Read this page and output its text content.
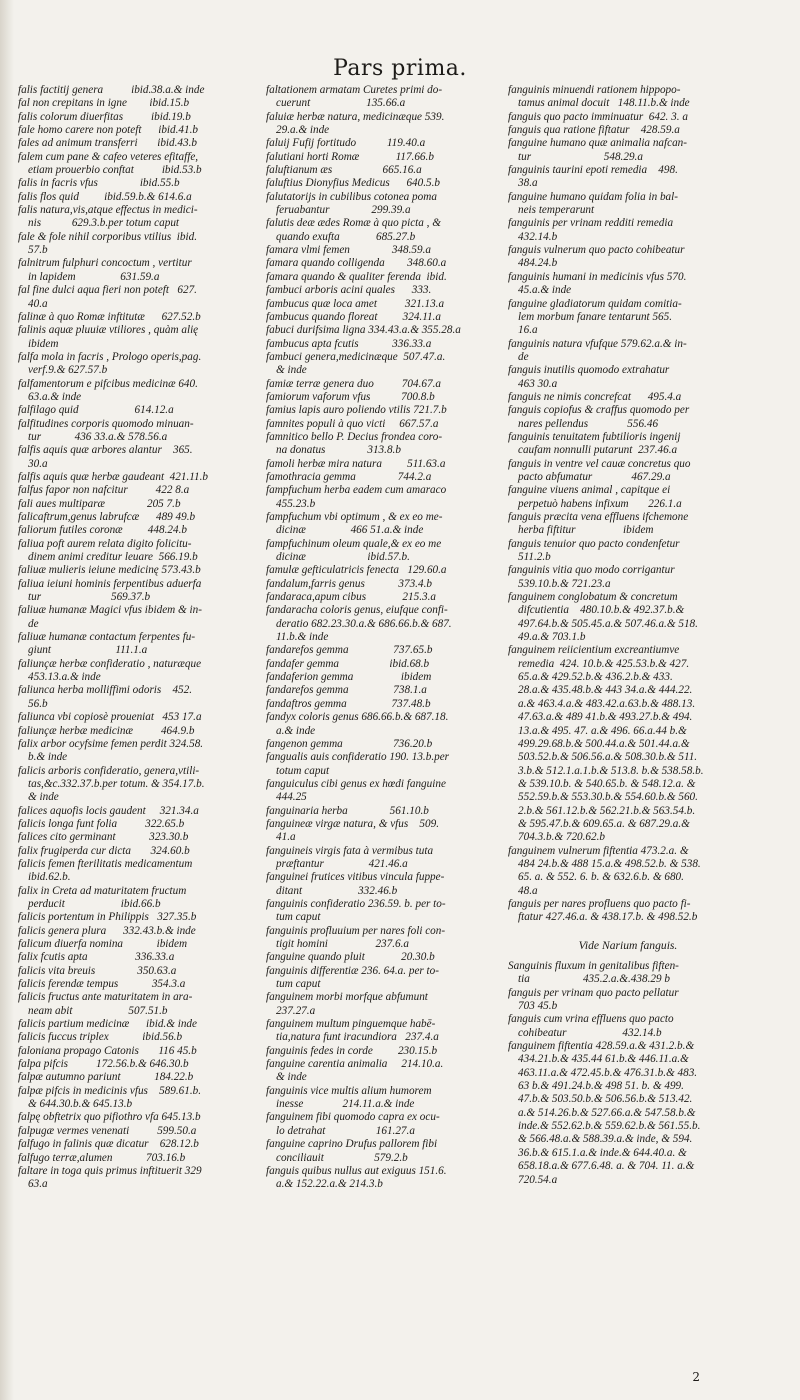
Pars prima.
falis factitij genera          ibid.38.a.& inde
fal non crepitans in igne        ibid.15.b
falis colorum diuerfitas          ibid.19.b
fale homo carere non poteft      ibid.41.b
fales ad animum transferri       ibid.43.b
falem cum pane & cafeo veteres efitaffe,
etiam prouerbio conftat          ibid.53.b
falis in facris vfus               ibid.55.b
falis flos quid         ibid.59.b.& 614.6.a
falis natura,vis,atque effectus in medici-
nis           629.3.b.per totum caput
fale & fole nihil corporibus vtilius  ibid.
57.b
falnitrum fulphuri concoctum , vertitur
in lapidem                631.59.a
fal fine dulci aqua fieri non poteft   627.
40.a
falinæ à quo Romæ inftitutæ      627.52.b
falinis aquæ pluuiæ vtiliores , quàm alię
ibidem
falfa mola in facris , Prologo operis,pag.
verf.9.& 627.57.b
falfamentorum e pifcibus medicinæ 640.
63.a.& inde
falfilago quid                    614.12.a
falfitudines corporis quomodo minuan-
tur            436 33.a.& 578.56.a
falfis aquis quæ arbores alantur    365.
30.a
falfis aquis quæ herbæ gaudeant  421.11.b
falfus fapor non nafcitur          422 8.a
fali aues multiparæ               205 7.b
falicaftrum,genus labrufcæ      489 49.b
faliorum futiles coronæ         448.24.b
faliua poft aurem relata digito folicitu-
dinem animi creditur leuare  566.19.b
faliuæ mulieris ieiune medicinę 573.43.b
faliua ieiuni hominis ferpentibus aduerfa
tur                         569.37.b
faliuæ humanæ Magici vfus ibidem & in-
de
faliuæ humanæ contactum ferpentes fu-
giunt                       111.1.a
faliunçæ herbæ confideratio , naturæque
453.13.a.& inde
faliunca herba molliffimi odoris    452.
56.b
faliunca vbi copiosè proueniat   453 17.a
faliunçæ herbæ medicinæ          464.9.b
falix arbor ocyfsime femen perdit 324.58.
b.& inde
falicis arboris confideratio, genera,vtili-
tas,&c.332.37.b.per totum. & 354.17.b.
& inde
falices aquofis locis gaudent     321.34.a
falicis longa funt folia          322.65.b
falices cito germinant            323.30.b
falix frugiperda cur dicta       324.60.b
falicis femen fterilitatis medicamentum
ibid.62.b.
falix in Creta ad maturitatem fructum
perducit                    ibid.66.b
falicis portentum in Philippis   327.35.b
falicis genera plura      332.43.b.& inde
falicum diuerfa nomina            ibidem
falix fcutis apta                 336.33.a
falicis vita breuis               350.63.a
falicis ferendæ tempus            354.3.a
falicis fructus ante maturitatem in ara-
neam abit                    507.51.b
falicis partium medicinæ      ibid.& inde
falicis fuccus triplex            ibid.56.b
faloniana propago Catonis       116 45.b
falpa pifcis          172.56.b.& 646.30.b
falpæ autumno pariunt            184.22.b
falpæ pifcis in medicinis vfus    589.61.b.
& 644.30.b.& 645.13.b
falpę obftetrix quo pifiothro vfa 645.13.b
falpugæ vermes venenati          599.50.a
falfugo in falinis quæ dicatur    628.12.b
falfugo terræ,alumen            703.16.b
faltare in toga quis primus inftituerit 329
63.a
faltationem armatam Curetes primi do-
cuerunt                    135.66.a
faluiæ herbæ natura, medicinæque 539.
29.a.& inde
faluij Fufij fortitudo           119.40.a
falutiani horti Romæ             117.66.b
faluftianum æs                  665.16.a
faluftius Dionyfius Medicus      640.5.b
falutatorijs in cubilibus cotonea poma
feruabantur               299.39.a
falutis deæ ædes Romæ à quo picta , &
quando exufta             685.27.b
famara vlmi femen               348.59.a
famara quando colligenda        348.60.a
famara quando & qualiter ferenda  ibid.
fambuci arboris acini quales      333.
fambucus quæ loca amet          321.13.a
fambucus quando floreat         324.11.a
fabuci durifsima ligna 334.43.a.& 355.28.a
fambucus apta fcutis            336.33.a
fambuci genera,medicinæque  507.47.a.
& inde
famiæ terræ genera duo          704.67.a
famiorum vaforum vfus           700.8.b
famius lapis auro poliendo vtilis 721.7.b
famnites populi à quo victi     667.57.a
famnitico bello P. Decius frondea coro-
na donatus               313.8.b
famoli herbæ mira natura         511.63.a
famothracia gemma               744.2.a
fampfuchum herba eadem cum amaraco
455.23.b
fampfuchum vbi optimum , & ex eo me-
dicinæ                466 51.a.& inde
fampfuchinum oleum quale,& ex eo me
dicinæ                      ibid.57.b.
famulæ gefticulatricis fenecta   129.60.a
fandalum,farris genus            373.4.b
fandaraca,apum cibus             215.3.a
fandaracha coloris genus, eiufque confi-
deratio 682.23.30.a.& 686.66.b.& 687.
11.b.& inde
fandarefos gemma                737.65.b
fandafer gemma                  ibid.68.b
fandaferion gemma                 ibidem
fandarefos gemma                738.1.a
fandaftros gemma                737.48.b
fandyx coloris genus 686.66.b.& 687.18.
a.& inde
fangenon gemma                  736.20.b
fangualis auis confideratio 190. 13.b.per
totum caput
fanguiculus cibi genus ex hœdi fanguine
444.25
fanguinaria herba               561.10.b
fanguineæ virgæ natura, & vfus    509.
41.a
fanguineis virgis fata à vermibus tuta
præftantur                421.46.a
fanguinei frutices vitibus vincula fuppe-
ditant                    332.46.b
fanguinis confideratio 236.59. b. per to-
tum caput
fanguinis profluuium per nares foli con-
tigit homini                 237.6.a
fanguine quando pluit             20.30.b
fanguinis differentiæ 236. 64.a. per to-
tum caput
fanguinem morbi morfque abfumunt
237.27.a
fanguinem multum pinguemque habē-
tia,natura funt iracundiora   237.4.a
fanguinis fedes in corde         230.15.b
fanguine carentia animalia     214.10.a.
& inde
fanguinis vice multis alium humorem
inesse              214.11.a.& inde
fanguinem fibi quomodo capra ex ocu-
lo detrahat                  161.27.a
fanguine caprino Drufus pallorem fibi
conciliauit                  579.2.b
fanguis quibus nullus aut exiguus 151.6.
a.& 152.22.a.& 214.3.b
fanguinis minuendi rationem hippopo-
tamus animal docuit   148.11.b.& inde
fanguis quo pacto imminuatur  642. 3. a
fanguis qua ratione fiftatur    428.59.a
fanguine humano quæ animalia nafcan-
tur                          548.29.a
fanguinis taurini epoti remedia    498.
38.a
fanguine humano quidam folia in bal-
neis temperarunt
fanguinis per vrinam redditi remedia
432.14.b
fanguis vulnerum quo pacto cohibeatur
484.24.b
fanguinis humani in medicinis vfus 570.
45.a.& inde
fanguine gladiatorum quidam comitia-
lem morbum fanare tentarunt 565.
16.a
fanguinis natura vfufque 579.62.a.& in-
de
fanguis inutilis quomodo extrahatur
463 30.a
fanguis ne nimis concrefcat      495.4.a
fanguis copiofus & craffus quomodo per
nares pellendus              556.46
fanguinis tenuitatem fubtilioris ingenij
caufam nonnulli putarunt  237.46.a
fanguis in ventre vel cauæ concretus quo
pacto abfumatur              467.29.a
fanguine viuens animal , capitque ei
perpetuò habens infixum       226.1.a
fanguis præcita vena effluens ifchemone
herba fiftitur                 ibidem
fanguis tenuior quo pacto condenfetur
511.2.b
fanguinis vitia quo modo corrigantur
539.10.b.& 721.23.a
fanguinem conglobatum & concretum
difcutientia    480.10.b.& 492.37.b.&
497.64.b.& 505.45.a.& 507.46.a.& 518.
49.a.& 703.1.b
fanguinem reiicientium excreantiumve
remedia  424. 10.b.& 425.53.b.& 427.
65.a.& 429.52.b.& 436.2.b.& 433.
28.a.& 435.48.b.& 443 34.a.& 444.22.
a.& 463.4.a.& 483.42.a.63.b.& 488.13.
47.63.a.& 489 41.b.& 493.27.b.& 494.
13.a.& 495. 47. a.& 496. 66.a.44 b.&
499.29.68.b.& 500.44.a.& 501.44.a.&
503.52.b.& 506.56.a.& 508.30.b.& 511.
3.b.& 512.1.a.1.b.& 513.8. b.& 538.58.b.
& 539.10.b. & 540.65.b. & 548.12.a. &
552.59.b.& 553.30.b.& 554.60.b.& 560.
2.b.& 561.12.b.& 562.21.b.& 563.54.b.
& 595.47.b.& 609.65.a. & 687.29.a.&
704.3.b.& 720.62.b
fanguinem vulnerum fiftentia 473.2.a. &
484 24.b.& 488 15.a.& 498.52.b. & 538.
65. a. & 552. 6. b. & 632.6.b. & 680.
48.a
fanguis per nares profluens quo pacto fi-
ftatur 427.46.a. & 438.17.b. & 498.52.b
Vide Narium fanguis.
Sanguinis fluxum in genitalibus fiften-
tia                   435.2.a.&.438.29 b
fanguis per vrinam quo pacto pellatur
703 45.b
fanguis cum vrina effluens quo pacto
cohibeatur                    432.14.b
fanguinem fiftentia 428.59.a.& 431.2.b.&
434.21.b.& 435.44 61.b.& 446.11.a.&
463.11.a.& 472.45.b.& 476.31.b.& 483.
63 b.& 491.24.b.& 498 51. b. & 499.
47.b.& 503.50.b.& 506.56.b.& 513.42.
a.& 514.26.b.& 527.66.a.& 547.58.b.&
inde.& 552.62.b.& 559.62.b.& 561.55.b.
& 566.48.a.& 588.39.a.& inde, & 594.
36.b.& 615.1.a.& inde.& 644.40.a. &
658.18.a.& 677.6.48. a. & 704. 11. a.&
720.54.a
2
